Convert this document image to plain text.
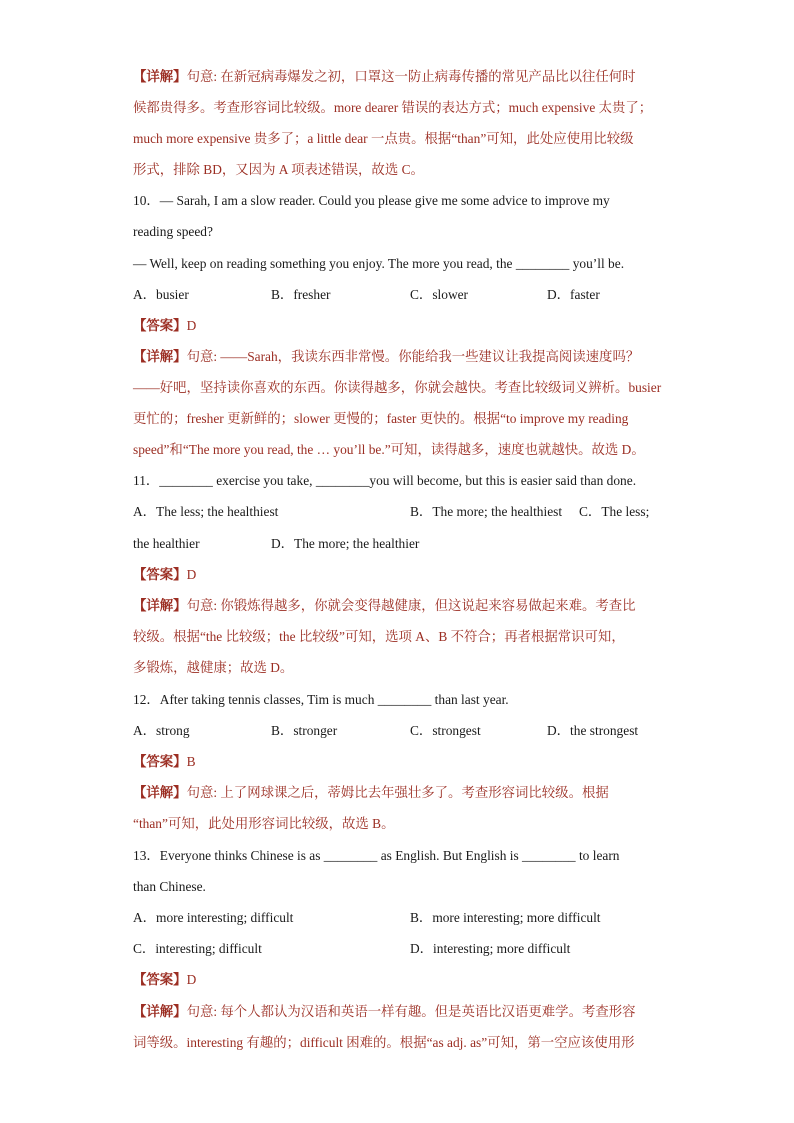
【详解】句意: 在新冠病毒爆发之初，口罩这一防止病毒传播的常见产品比以往任何时
候都贵得多。考查形容词比较级。more dearer 错误的表达方式；much expensive 太贵了；
much more expensive 贵多了；a little dear 一点贵。根据“than”可知，此处应使用比较级
形式，排除 BD，又因为 A 项表述错误，故选 C。
10．— Sarah, I am a slow reader. Could you please give me some advice to improve my
reading speed?
— Well, keep on reading something you enjoy. The more you read, the ________ you’ll be.
【详解】句意: ——Sarah，我读东西非常慢。你能给我一些建议让我提高阅读速度吗？
——好吧，坚持读你喜欢的东西。你读得越多，你就会越快。考查比较级词义辨析。busier
更忙的；fresher 更新鲜的；slower 更慢的；faster 更快的。根据“to improve my reading
speed”和“The more you read, the … you’ll be.”可知，读得越多，速度也就越快。故选 D。
11．________ exercise you take, ________you will become, but this is easier said than done.
【详解】句意: 你锻炼得越多，你就会变得越健康，但这说起来容易做起来难。考查比
较级。根据“the 比较级；the 比较级”可知，选项 A、B 不符合；再者根据常识可知，
多锻炼，越健康；故选 D。
12．After taking tennis classes, Tim is much ________ than last year.
【详解】句意: 上了网球课之后，蒂姆比去年强壮多了。考查形容词比较级。根据
“than”可知，此处用形容词比较级，故选 B。
13．Everyone thinks Chinese is as ________ as English. But English is ________ to learn
than Chinese.
【详解】句意: 每个人都认为汉语和英语一样有趣。但是英语比汉语更难学。考查形容
词等级。interesting 有趣的；difficult 困难的。根据“as adj. as”可知，第一空应该使用形
【答案】D
【答案】D
【答案】B
【答案】D
A．busier	B．fresher	C．slower	D．faster
A．The less; the healthiest	B．The more; the healthiest C．The less;
the healthier	D．The more; the healthier
A．strong	B．stronger	C．strongest	D．the strongest
A．more interesting; difficult	B．more interesting; more difficult
C．interesting; difficult	D．interesting; more difficult
